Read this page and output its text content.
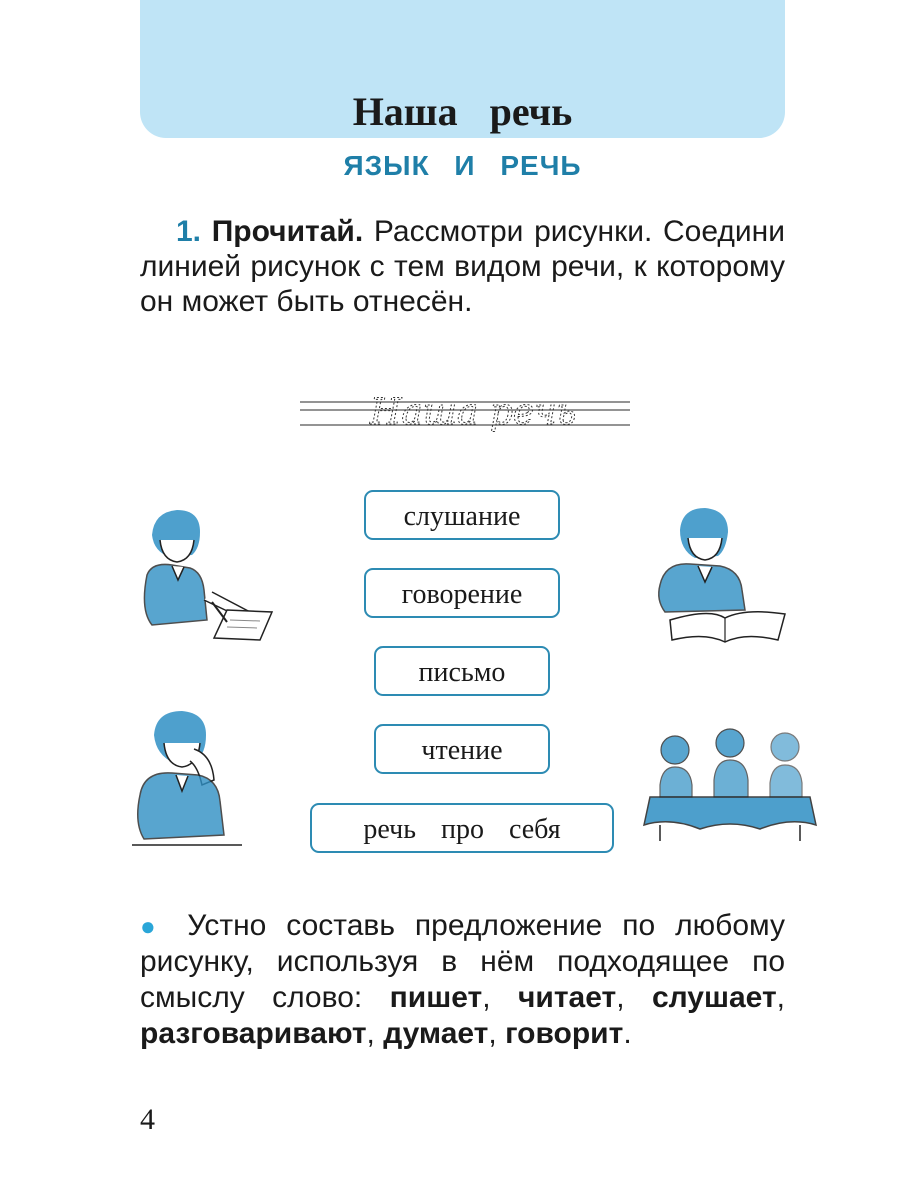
Наша речь
ЯЗЫК И РЕЧЬ
1. Прочитай. Рассмотри рисунки. Соедини линией рисунок с тем видом речи, к которому он может быть отнесён.
Наша речь
слушание
говорение
письмо
чтение
речь про себя
● Устно составь предложение по любому рисунку, используя в нём подходящее по смыслу слово: пишет, читает, слушает, разговаривают, думает, говорит.
4
